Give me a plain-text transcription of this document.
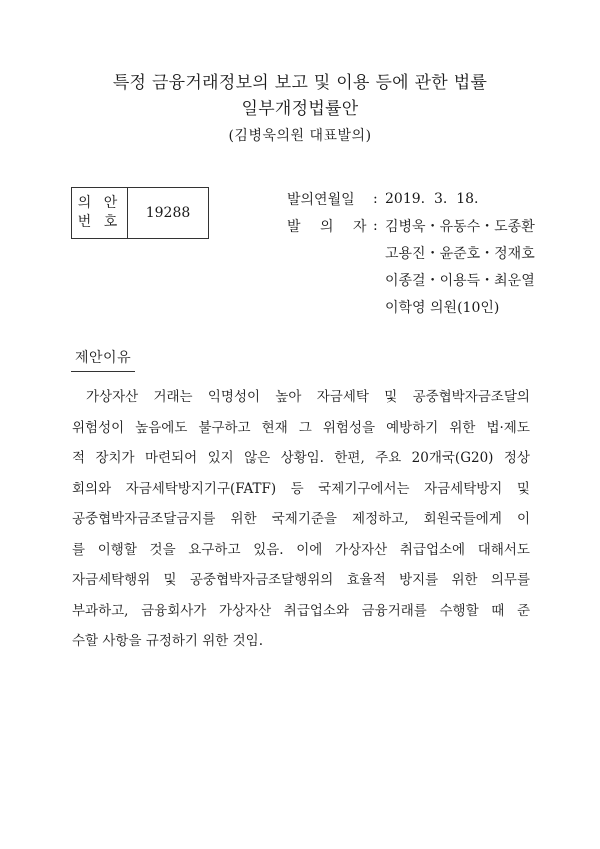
특정 금융거래정보의 보고 및 이용 등에 관한 법률
일부개정법률안
(김병욱의원 대표발의)
의 안
번 호
19288
발의연월일	: 2019.  3.  18.
발 의 자 : 김병욱・유동수・도종환
고용진・윤준호・정재호
이종걸・이용득・최운열
이학영 의원(10인)
제안이유
가상자산 거래는 익명성이 높아 자금세탁 및 공중협박자금조달의
위험성이 높음에도 불구하고 현재 그 위험성을 예방하기 위한 법·제도
적 장치가 마련되어 있지 않은 상황임. 한편, 주요 20개국(G20) 정상
회의와 자금세탁방지기구(FATF) 등 국제기구에서는 자금세탁방지 및
공중협박자금조달금지를 위한 국제기준을 제정하고, 회원국들에게 이
를 이행할 것을 요구하고 있음. 이에 가상자산 취급업소에 대해서도
자금세탁행위 및 공중협박자금조달행위의 효율적 방지를 위한 의무를
부과하고, 금융회사가 가상자산 취급업소와 금융거래를 수행할 때 준
수할 사항을 규정하기 위한 것임.
